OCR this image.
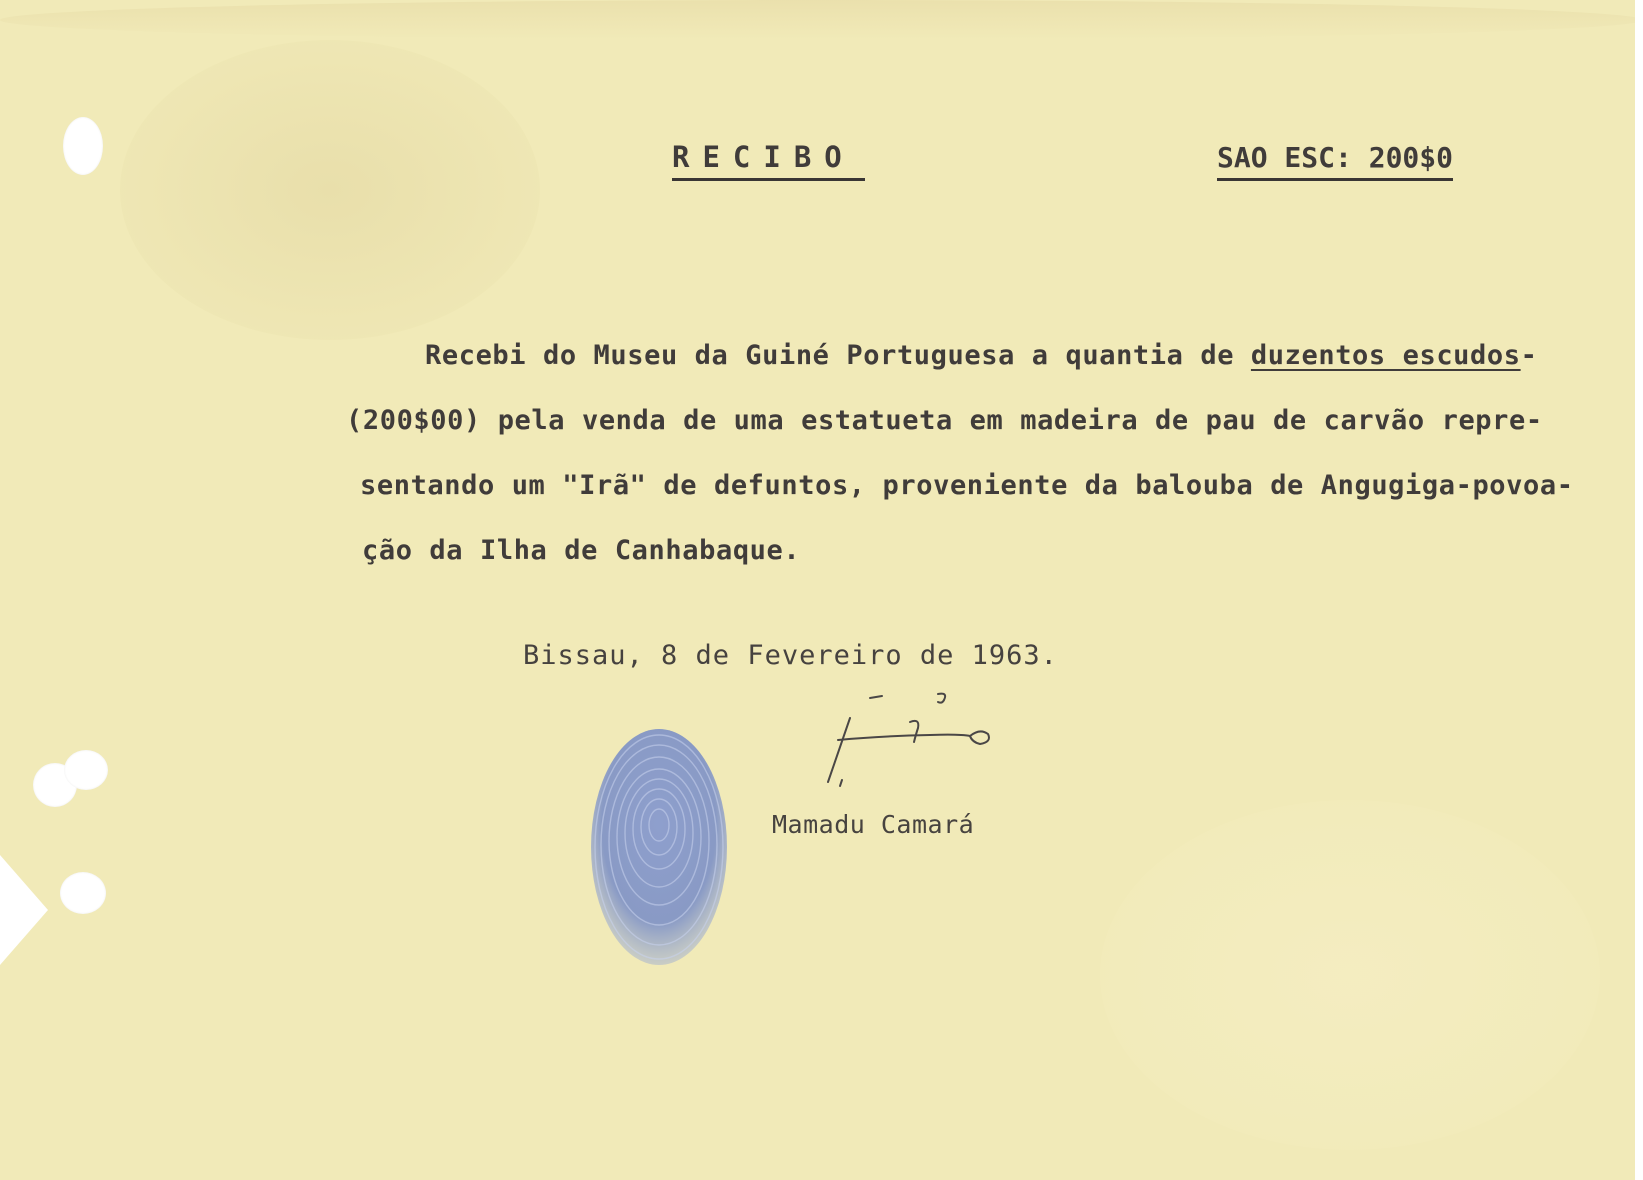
RECIBO	SAO ESC: 200$0
Recebi do Museu da Guiné Portuguesa a quantia de duzentos escudos-
(200$00) pela venda de uma estatueta em madeira de pau de carvão repre-
sentando um "Irã" de defuntos, proveniente da balouba de Angugiga-povoa-
ção da Ilha de Canhabaque.
Bissau, 8 de Fevereiro de 1963.
Mamadu Camará
